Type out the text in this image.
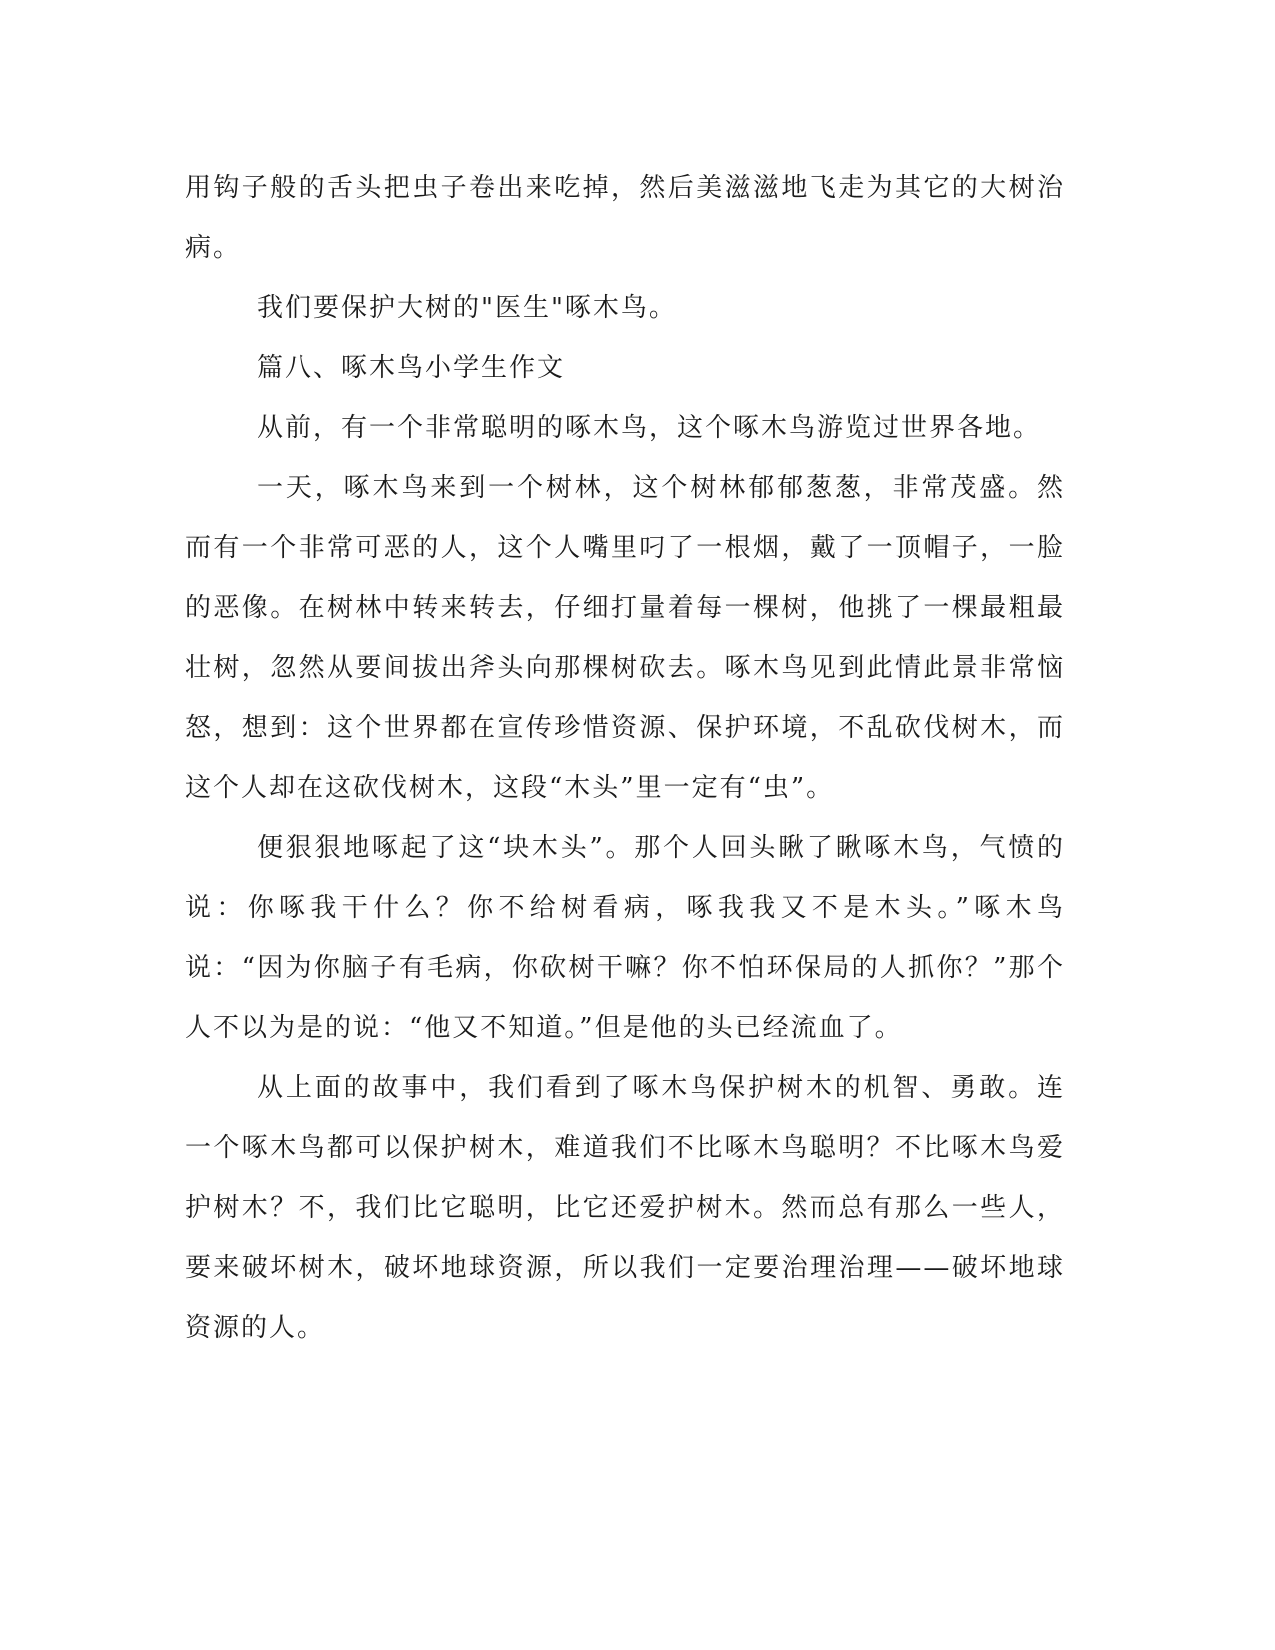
用钩子般的舌头把虫子卷出来吃掉，然后美滋滋地飞走为其它的大树治病。

我们要保护大树的"医生"啄木鸟。

篇八、啄木鸟小学生作文

从前，有一个非常聪明的啄木鸟，这个啄木鸟游览过世界各地。

一天，啄木鸟来到一个树林，这个树林郁郁葱葱，非常茂盛。然而有一个非常可恶的人，这个人嘴里叼了一根烟，戴了一顶帽子，一脸的恶像。在树林中转来转去，仔细打量着每一棵树，他挑了一棵最粗最壮树，忽然从要间拔出斧头向那棵树砍去。啄木鸟见到此情此景非常恼怒，想到：这个世界都在宣传珍惜资源、保护环境，不乱砍伐树木，而这个人却在这砍伐树木，这段“木头”里一定有“虫”。

便狠狠地啄起了这“块木头”。那个人回头瞅了瞅啄木鸟，气愤的说：你啄我干什么？你不给树看病，啄我我又不是木头。”啄木鸟说：“因为你脑子有毛病，你砍树干嘛？你不怕环保局的人抓你？”那个人不以为是的说：“他又不知道。”但是他的头已经流血了。

从上面的故事中，我们看到了啄木鸟保护树木的机智、勇敢。连一个啄木鸟都可以保护树木，难道我们不比啄木鸟聪明？不比啄木鸟爱护树木？不，我们比它聪明，比它还爱护树木。然而总有那么一些人，要来破坏树木，破坏地球资源，所以我们一定要治理治理——破坏地球资源的人。
